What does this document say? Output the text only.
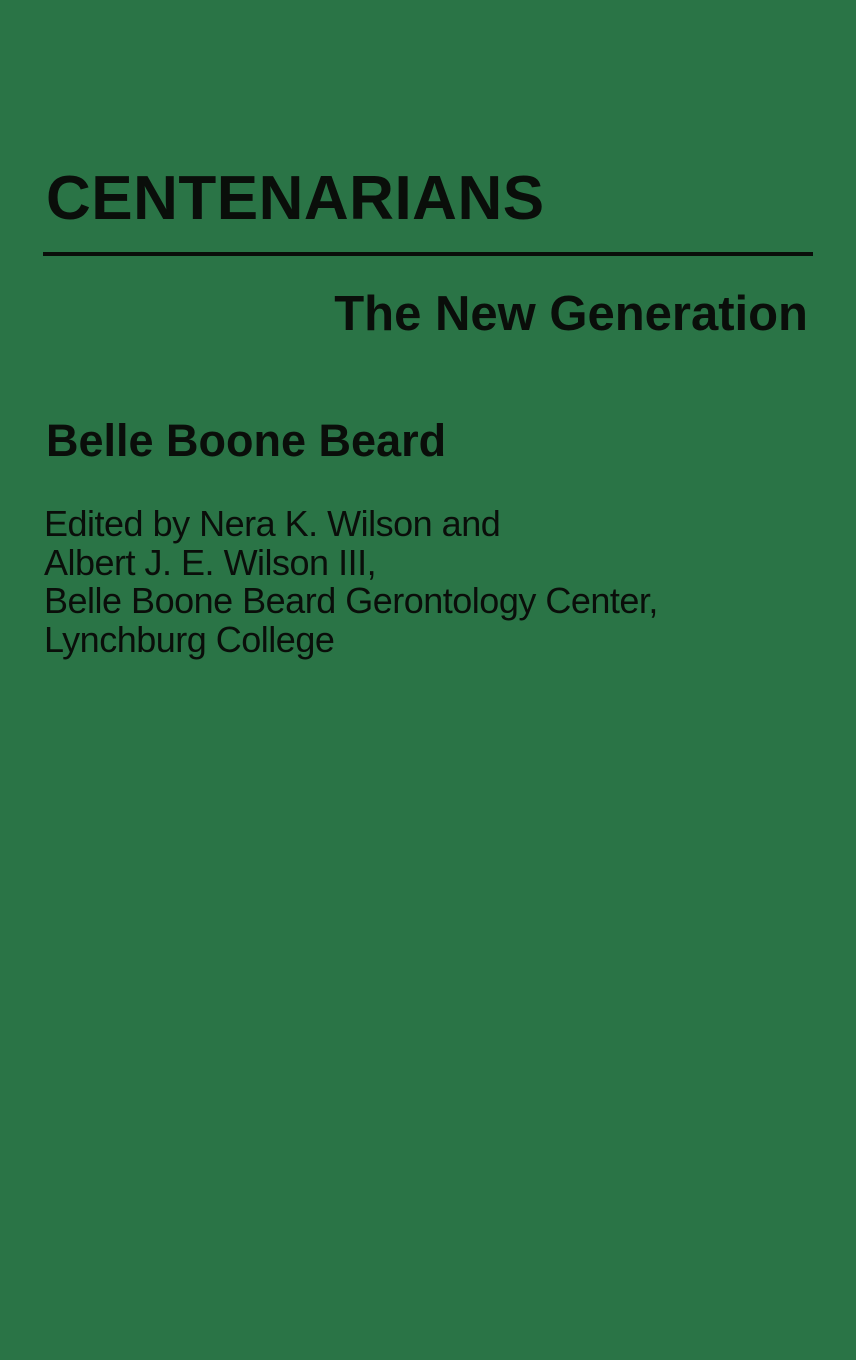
CENTENARIANS
The New Generation
Belle Boone Beard
Edited by Nera K. Wilson and
Albert J. E. Wilson III,
Belle Boone Beard Gerontology Center,
Lynchburg College
